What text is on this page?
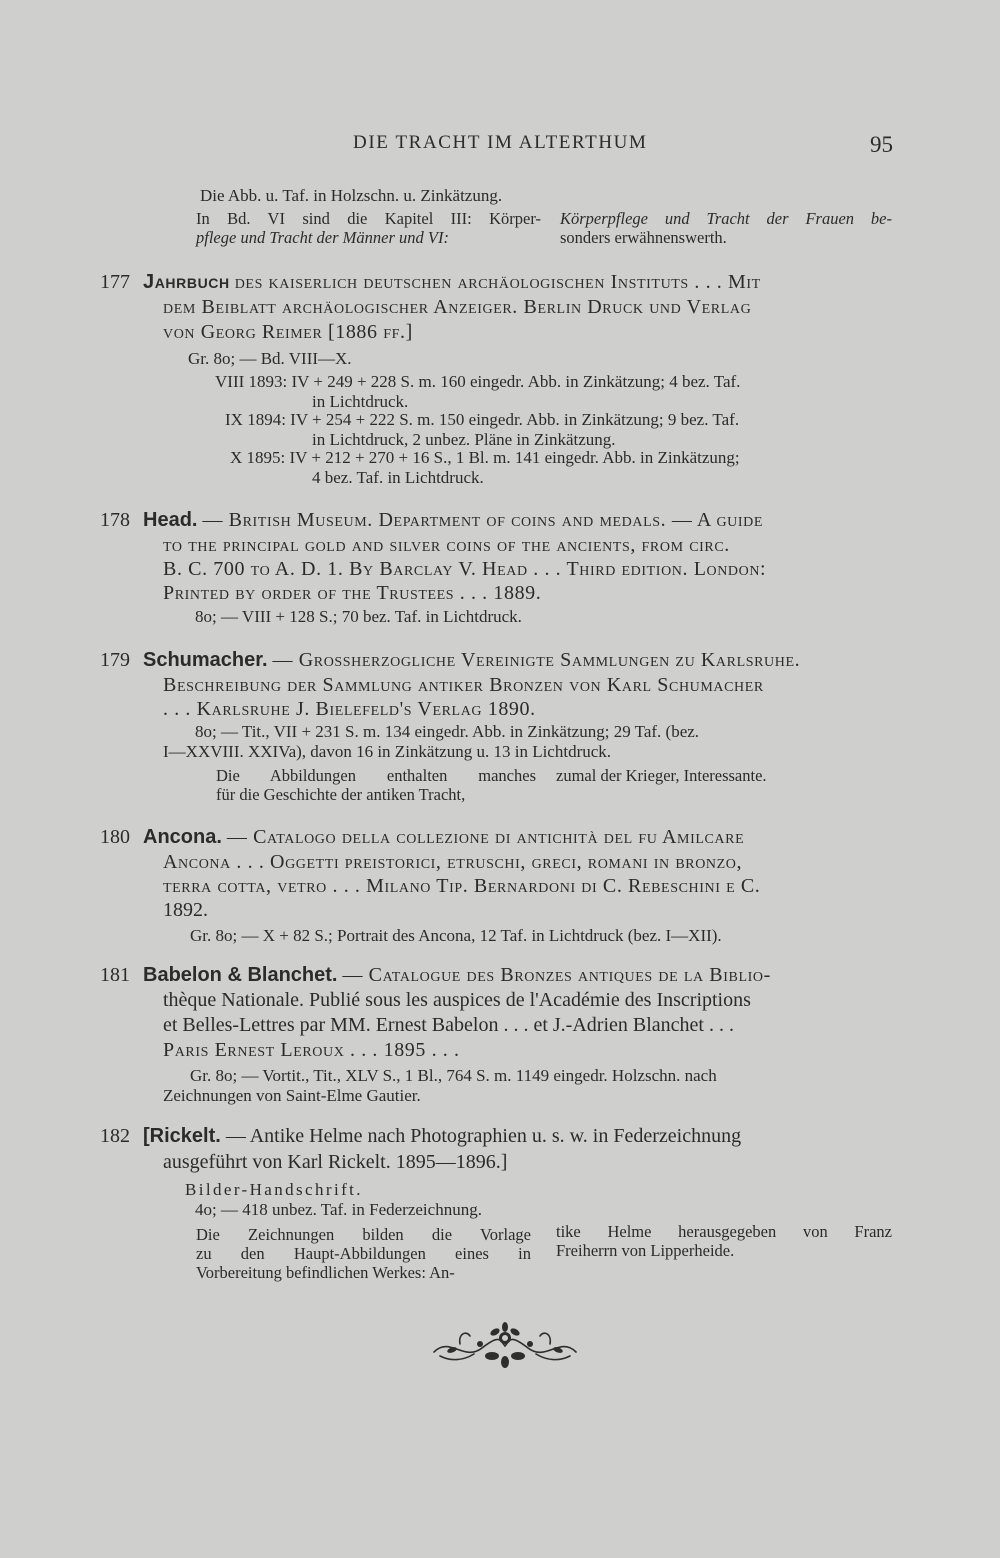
DIE TRACHT IM ALTERTHUM	95
Die Abb. u. Taf. in Holzschn. u. Zinkätzung.
In Bd. VI sind die Kapitel III: Körper-
pflege und Tracht der Männer und VI:
Körperpflege und Tracht der Frauen be-
sonders erwähnenswerth.
177 Jahrbuch des kaiserlich deutschen archäologischen Instituts . . . Mit
dem Beiblatt archäologischer Anzeiger. Berlin Druck und Verlag
von Georg Reimer [1886 ff.]
Gr. 8o; — Bd. VIII—X.
VIII 1893: IV + 249 + 228 S. m. 160 eingedr. Abb. in Zinkätzung; 4 bez. Taf.
in Lichtdruck.
IX 1894: IV + 254 + 222 S. m. 150 eingedr. Abb. in Zinkätzung; 9 bez. Taf.
in Lichtdruck, 2 unbez. Pläne in Zinkätzung.
X 1895: IV + 212 + 270 + 16 S., 1 Bl. m. 141 eingedr. Abb. in Zinkätzung;
4 bez. Taf. in Lichtdruck.
178 Head. — British Museum. Department of coins and medals. — A guide
to the principal gold and silver coins of the ancients, from circ.
B. C. 700 to A. D. 1. By Barclay V. Head . . . Third edition. London:
Printed by order of the Trustees . . . 1889.
8o; — VIII + 128 S.; 70 bez. Taf. in Lichtdruck.
179 Schumacher. — Grossherzogliche Vereinigte Sammlungen zu Karlsruhe.
Beschreibung der Sammlung antiker Bronzen von Karl Schumacher
. . . Karlsruhe J. Bielefeld's Verlag 1890.
8o; — Tit., VII + 231 S. m. 134 eingedr. Abb. in Zinkätzung; 29 Taf. (bez.
I—XXVIII. XXIVa), davon 16 in Zinkätzung u. 13 in Lichtdruck.
Die Abbildungen enthalten manches
für die Geschichte der antiken Tracht,
zumal der Krieger, Interessante.
180 Ancona. — Catalogo della collezione di antichità del fu Amilcare
Ancona . . . Oggetti preistorici, etruschi, greci, romani in bronzo,
terra cotta, vetro . . . Milano Tip. Bernardoni di C. Rebeschini e C.
1892.
Gr. 8o; — X + 82 S.; Portrait des Ancona, 12 Taf. in Lichtdruck (bez. I—XII).
181 Babelon & Blanchet. — Catalogue des Bronzes antiques de la Biblio-
thèque Nationale. Publié sous les auspices de l'Académie des Inscriptions
et Belles-Lettres par MM. Ernest Babelon . . . et J.-Adrien Blanchet . . .
Paris Ernest Leroux . . . 1895 . . .
Gr. 8o; — Vortit., Tit., XLV S., 1 Bl., 764 S. m. 1149 eingedr. Holzschn. nach
Zeichnungen von Saint-Elme Gautier.
182 [Rickelt. — Antike Helme nach Photographien u. s. w. in Federzeichnung
ausgeführt von Karl Rickelt. 1895—1896.]
Bilder-Handschrift.
4o; — 418 unbez. Taf. in Federzeichnung.
Die Zeichnungen bilden die Vorlage
zu den Haupt-Abbildungen eines in
Vorbereitung befindlichen Werkes: An-
tike Helme herausgegeben von Franz
Freiherrn von Lipperheide.
